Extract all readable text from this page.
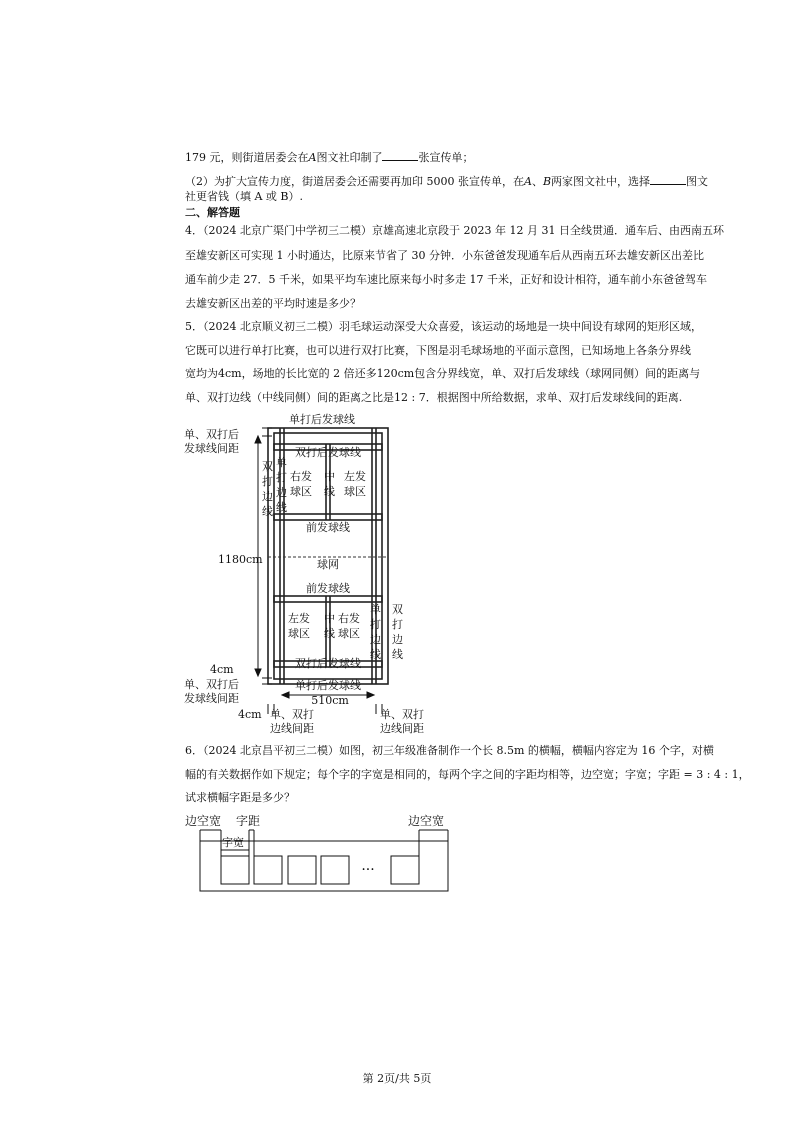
179 元，则街道居委会在A图文社印制了	张宣传单；
（2）为扩大宣传力度，街道居委会还需要再加印 5000 张宣传单，在A、B两家图文社中，选择	图文
社更省钱（填 A 或 B）.
二、解答题
4．（2024 北京广渠门中学初三二模）京雄高速北京段于 2023 年 12 月 31 日全线贯通．通车后、由西南五环
至雄安新区可实现 1 小时通达，比原来节省了 30 分钟．小东爸爸发现通车后从西南五环去雄安新区出差比
通车前少走 27．5 千米，如果平均车速比原来每小时多走 17 千米，正好和设计相符，通车前小东爸爸驾车
去雄安新区出差的平均时速是多少？
5．（2024 北京顺义初三二模）羽毛球运动深受大众喜爱，该运动的场地是一块中间设有球网的矩形区域，
它既可以进行单打比赛，也可以进行双打比赛，下图是羽毛球场地的平面示意图，已知场地上各条分界线
宽均为4cm，场地的长比宽的 2 倍还多120cm包含分界线宽，单、双打后发球线（球网同侧）间的距离与
单、双打边线（中线同侧）间的距离之比是12 : 7．根据图中所给数据，求单、双打后发球线间的距离.
单打后发球线
单、双打后
发球线间距	双打后发球线
1180cm
前发球线
球网
前发球线
双打后发球线
单打后发球线
4cm
单、双打后
发球线间距	510cm
4cm 单、双打
边线间距
单、双打
边线间距
双打边线
单打边线
右发球区
中线
左发球区
左发球区
中线
右发球区
单打边线
双打边线
6．（2024 北京昌平初三二模）如图，初三年级准备制作一个长 8.5m 的横幅，横幅内容定为 16 个字，对横
幅的有关数据作如下规定；每个字的字宽是相同的，每两个字之间的字距均相等，边空宽；字宽；字距 = 3 : 4 : 1，
试求横幅字距是多少？
边空宽 字距
字宽
···
边空宽
第 2页/共 5页
